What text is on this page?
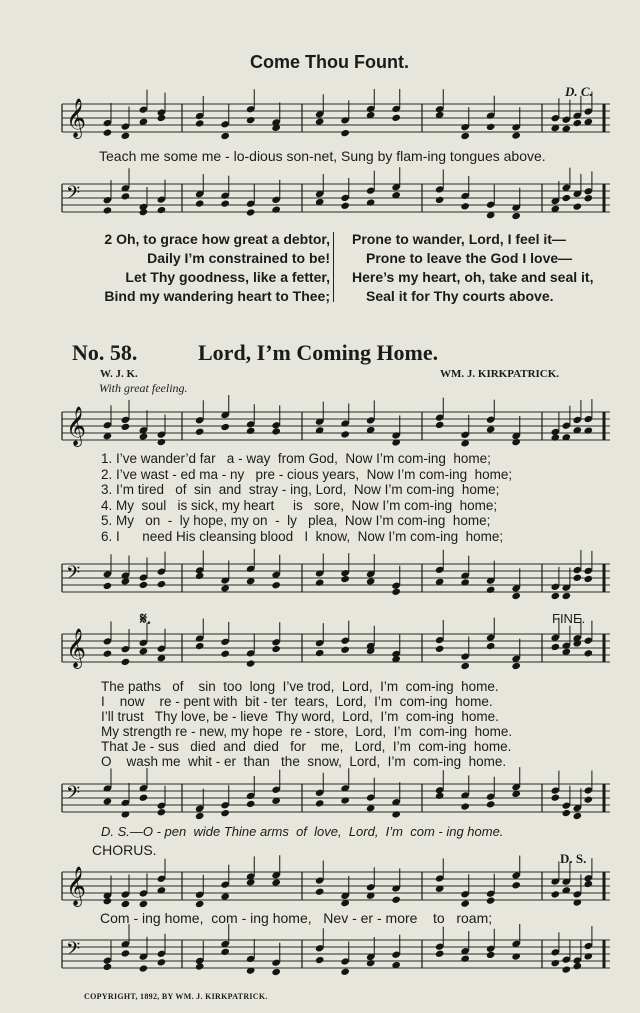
Come Thou Fount.
D. C.
𝄞
Teach me some me - lo-dious son-net, Sung by flam-ing tongues above.
𝄢
2 Oh, to grace how great a debtor,
Daily I’m constrained to be!
Let Thy goodness, like a fetter,
Bind my wandering heart to Thee;
Prone to wander, Lord, I feel it—
Prone to leave the God I love—
Here’s my heart, oh, take and seal it,
Seal it for Thy courts above.
No. 58.	Lord, I’m Coming Home.
W. J. K.	WM. J. KIRKPATRICK.
With great feeling.
𝄞
1. I’ve wander’d far   a - way  from God,  Now I’m com-ing  home;
2. I’ve wast - ed ma - ny   pre - cious years,  Now I’m com-ing  home;
3. I’m tired   of  sin  and  stray - ing, Lord,  Now I’m com-ing  home;
4. My  soul   is sick, my heart     is   sore,  Now I’m com-ing  home;
5. My   on  -  ly hope, my on  -  ly   plea,  Now I’m com-ing  home;
6. I      need His cleansing blood   I  know,  Now I’m com-ing  home;
𝄢
𝄋.	FINE.
𝄞
The paths   of    sin  too  long  I’ve trod,  Lord,  I’m  com-ing  home.
I    now    re - pent with  bit - ter  tears,  Lord,  I’m  com-ing  home.
I’ll trust   Thy love, be - lieve  Thy word,  Lord,  I’m  com-ing  home.
My strength re - new, my hope  re - store,  Lord,  I’m  com-ing  home.
That Je - sus   died  and  died   for    me,   Lord,  I’m  com-ing  home.
O    wash me  whit - er  than   the  snow,  Lord,  I’m  com-ing  home.
𝄢
D. S.—O - pen  wide Thine arms  of  love,  Lord,  I’m  com - ing home.
CHORUS.
D. S.
𝄞
Com - ing home,  com - ing home,   Nev - er - more    to   roam;
𝄢
COPYRIGHT, 1892, BY WM. J. KIRKPATRICK.
